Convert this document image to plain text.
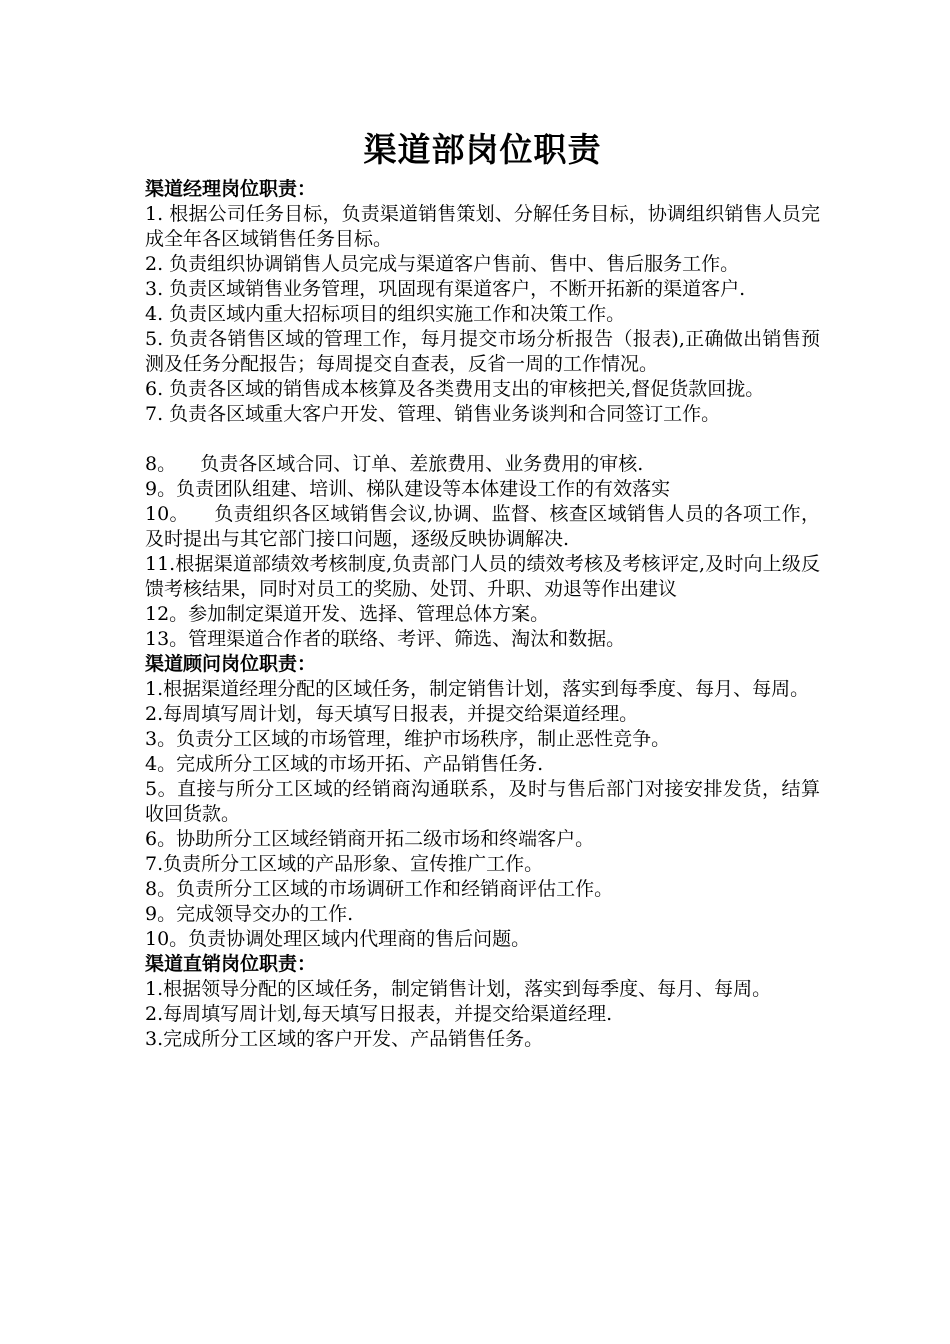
渠道部岗位职责

渠道经理岗位职责：

1. 根据公司任务目标，负责渠道销售策划、分解任务目标，协调组织销售人员完成全年各区域销售任务目标。

2. 负责组织协调销售人员完成与渠道客户售前、售中、售后服务工作。

3. 负责区域销售业务管理，巩固现有渠道客户，不断开拓新的渠道客户.

4. 负责区域内重大招标项目的组织实施工作和决策工作。

5. 负责各销售区域的管理工作，每月提交市场分析报告（报表),正确做出销售预测及任务分配报告；每周提交自查表，反省一周的工作情况。

6. 负责各区域的销售成本核算及各类费用支出的审核把关,督促货款回拢。

7. 负责各区域重大客户开发、管理、销售业务谈判和合同签订工作。

8。    负责各区域合同、订单、差旅费用、业务费用的审核.

9。负责团队组建、培训、梯队建设等本体建设工作的有效落实

10。    负责组织各区域销售会议,协调、监督、核查区域销售人员的各项工作，及时提出与其它部门接口问题，逐级反映协调解决.

11.根据渠道部绩效考核制度,负责部门人员的绩效考核及考核评定,及时向上级反馈考核结果，同时对员工的奖励、处罚、升职、劝退等作出建议

12。参加制定渠道开发、选择、管理总体方案。

13。管理渠道合作者的联络、考评、筛选、淘汰和数据。

渠道顾问岗位职责：

1.根据渠道经理分配的区域任务，制定销售计划，落实到每季度、每月、每周。

2.每周填写周计划，每天填写日报表，并提交给渠道经理。

3。负责分工区域的市场管理，维护市场秩序，制止恶性竞争。

4。完成所分工区域的市场开拓、产品销售任务.

5。直接与所分工区域的经销商沟通联系，及时与售后部门对接安排发货，结算收回货款。

6。协助所分工区域经销商开拓二级市场和终端客户。

7.负责所分工区域的产品形象、宣传推广工作。

8。负责所分工区域的市场调研工作和经销商评估工作。

9。完成领导交办的工作.

10。负责协调处理区域内代理商的售后问题。

渠道直销岗位职责：

1.根据领导分配的区域任务，制定销售计划，落实到每季度、每月、每周。

2.每周填写周计划,每天填写日报表，并提交给渠道经理.

3.完成所分工区域的客户开发、产品销售任务。
